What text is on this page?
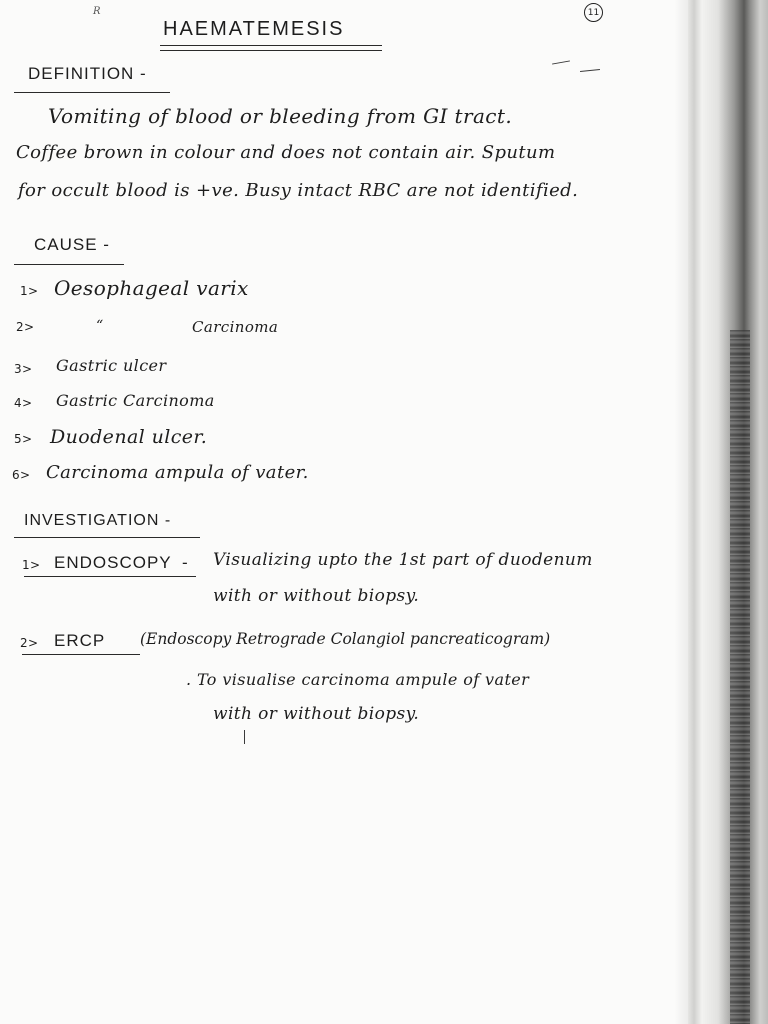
R	11
HAEMATEMESIS
DEFINITION -
Vomiting of blood or bleeding from GI tract.
Coffee brown in colour and does not contain air. Sputum
for occult blood is +ve. Busy intact RBC are not identified.
CAUSE -
1> Oesophageal varix
2>	“	Carcinoma
3> Gastric ulcer
4> Gastric Carcinoma
5> Duodenal ulcer.
6> Carcinoma ampula of vater.
INVESTIGATION -
1> ENDOSCOPY - Visualizing upto the 1st part of duodenum
with or without biopsy.
2> ERCP (Endoscopy Retrograde Colangiol pancreaticogram)
. To visualise carcinoma ampule of vater
with or without biopsy.
